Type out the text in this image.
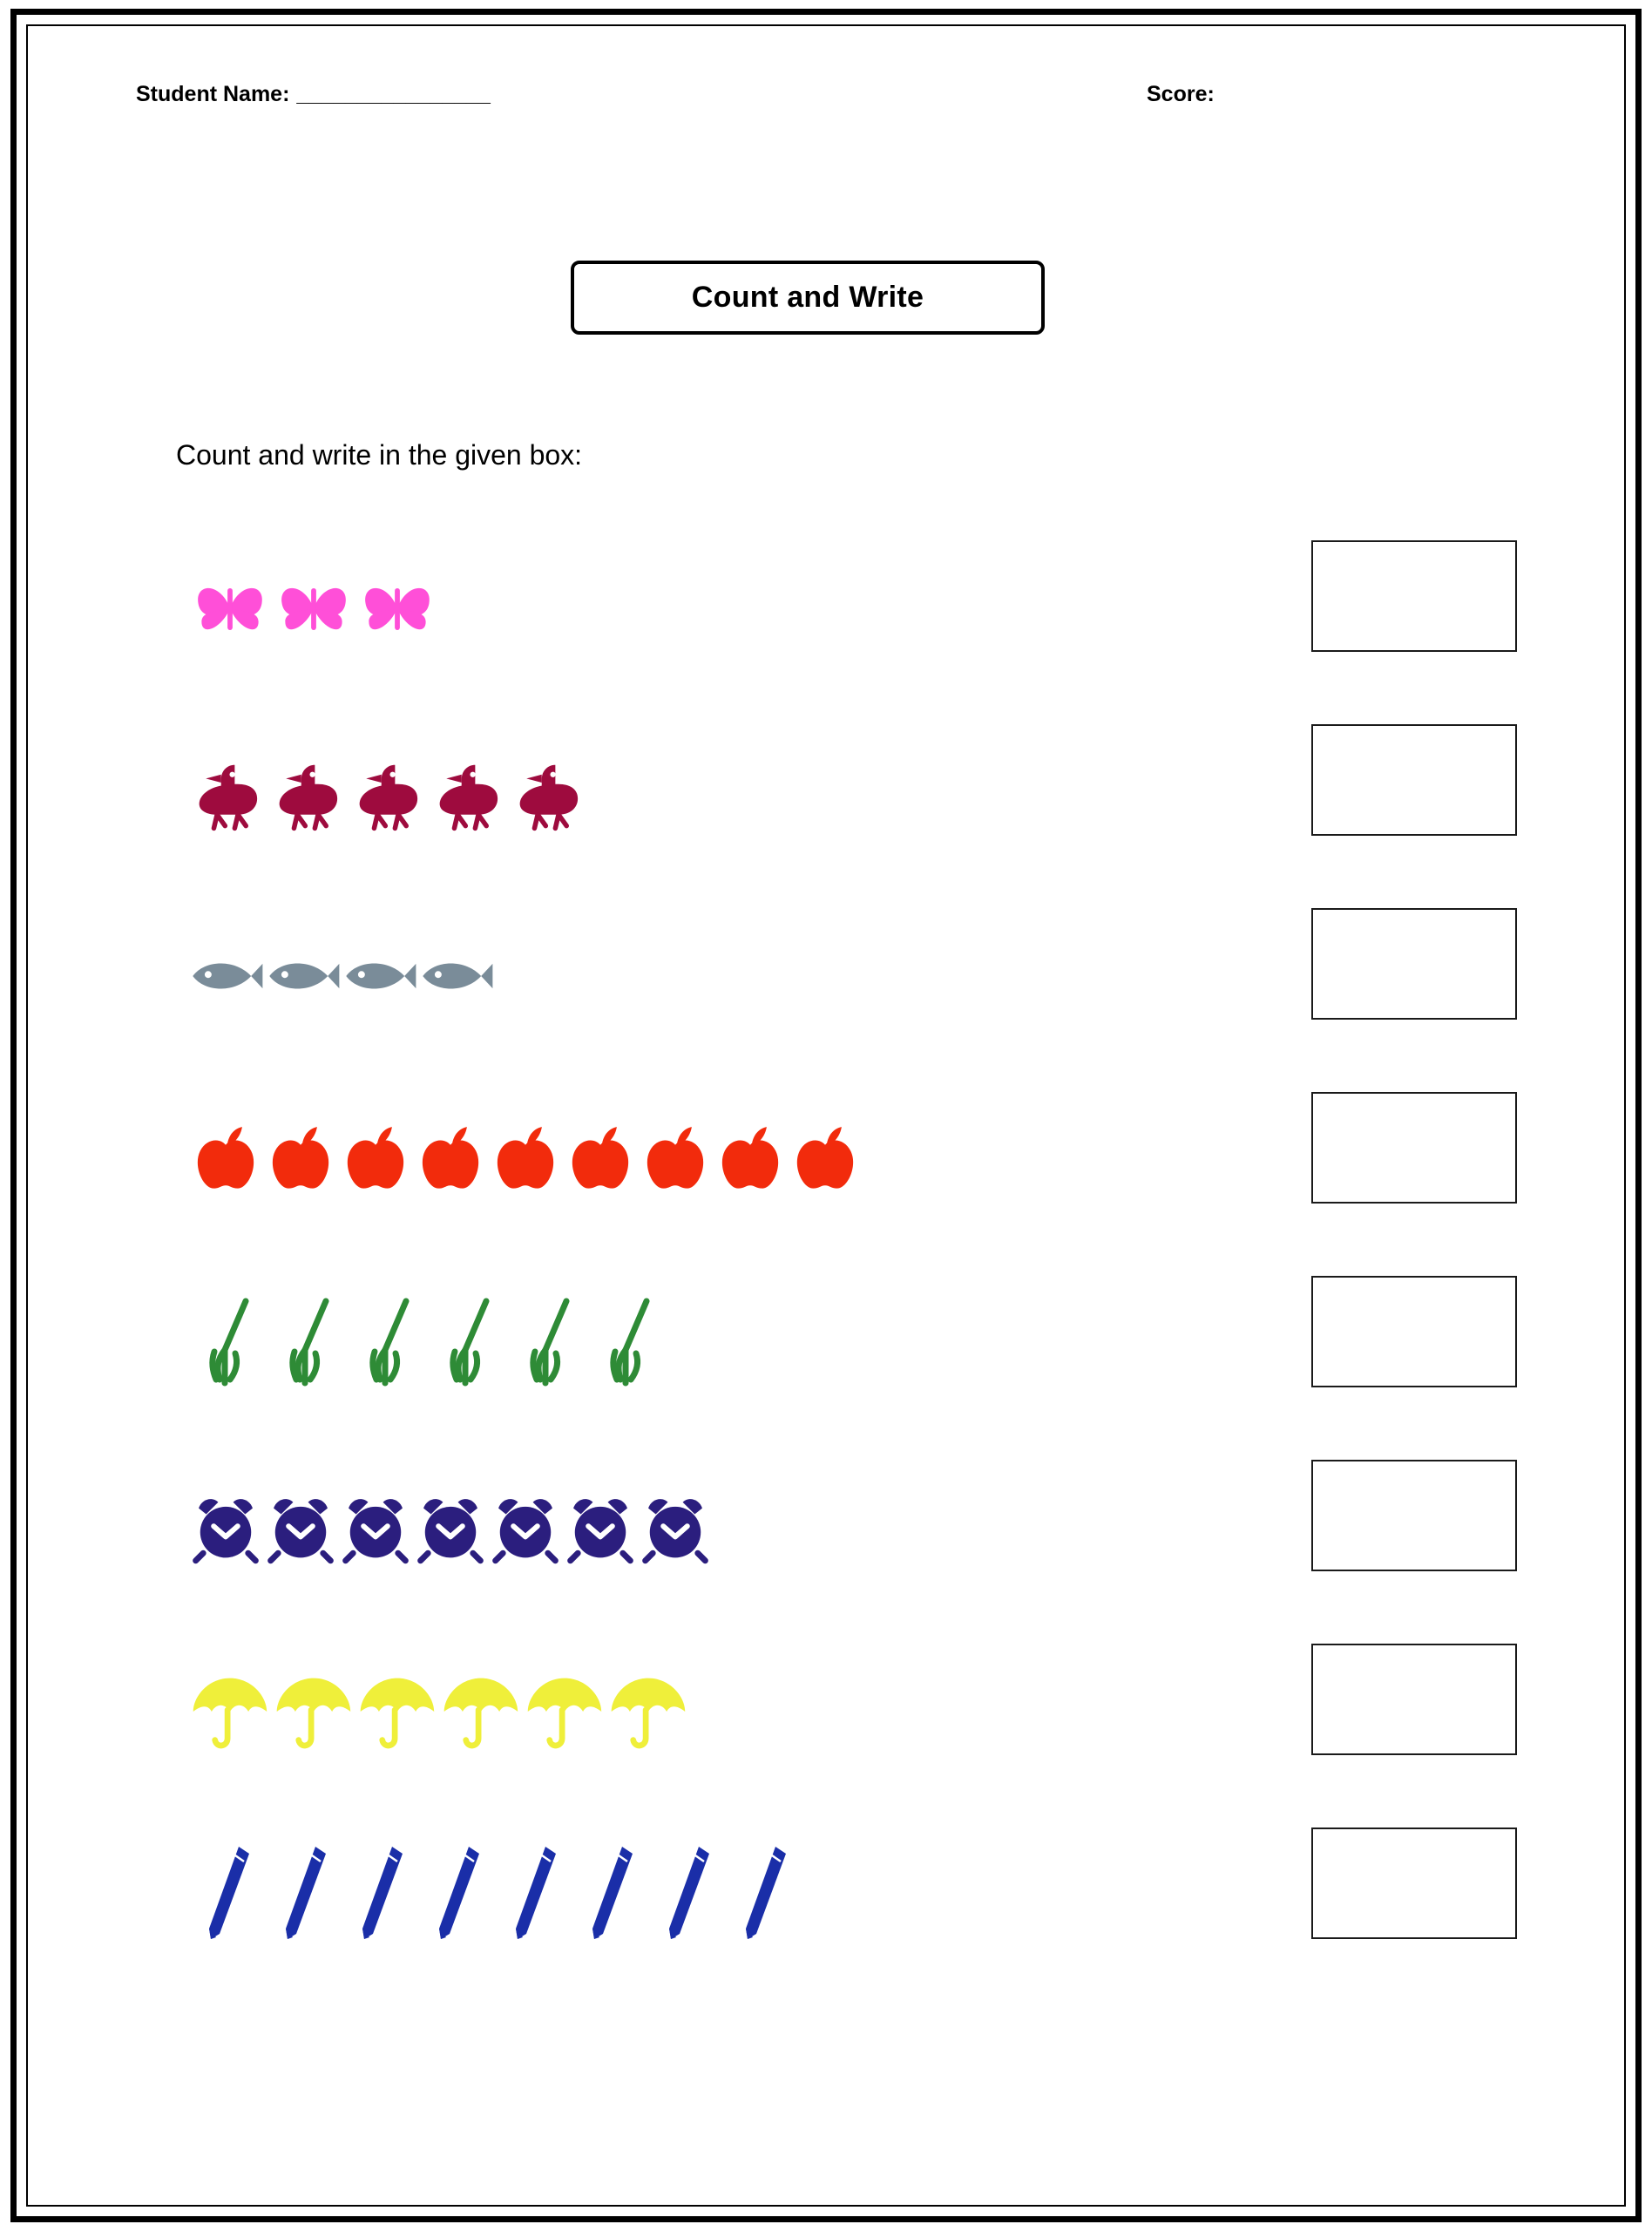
Student Name: ________________	Score:
Count and Write
Count and write in the given box:
